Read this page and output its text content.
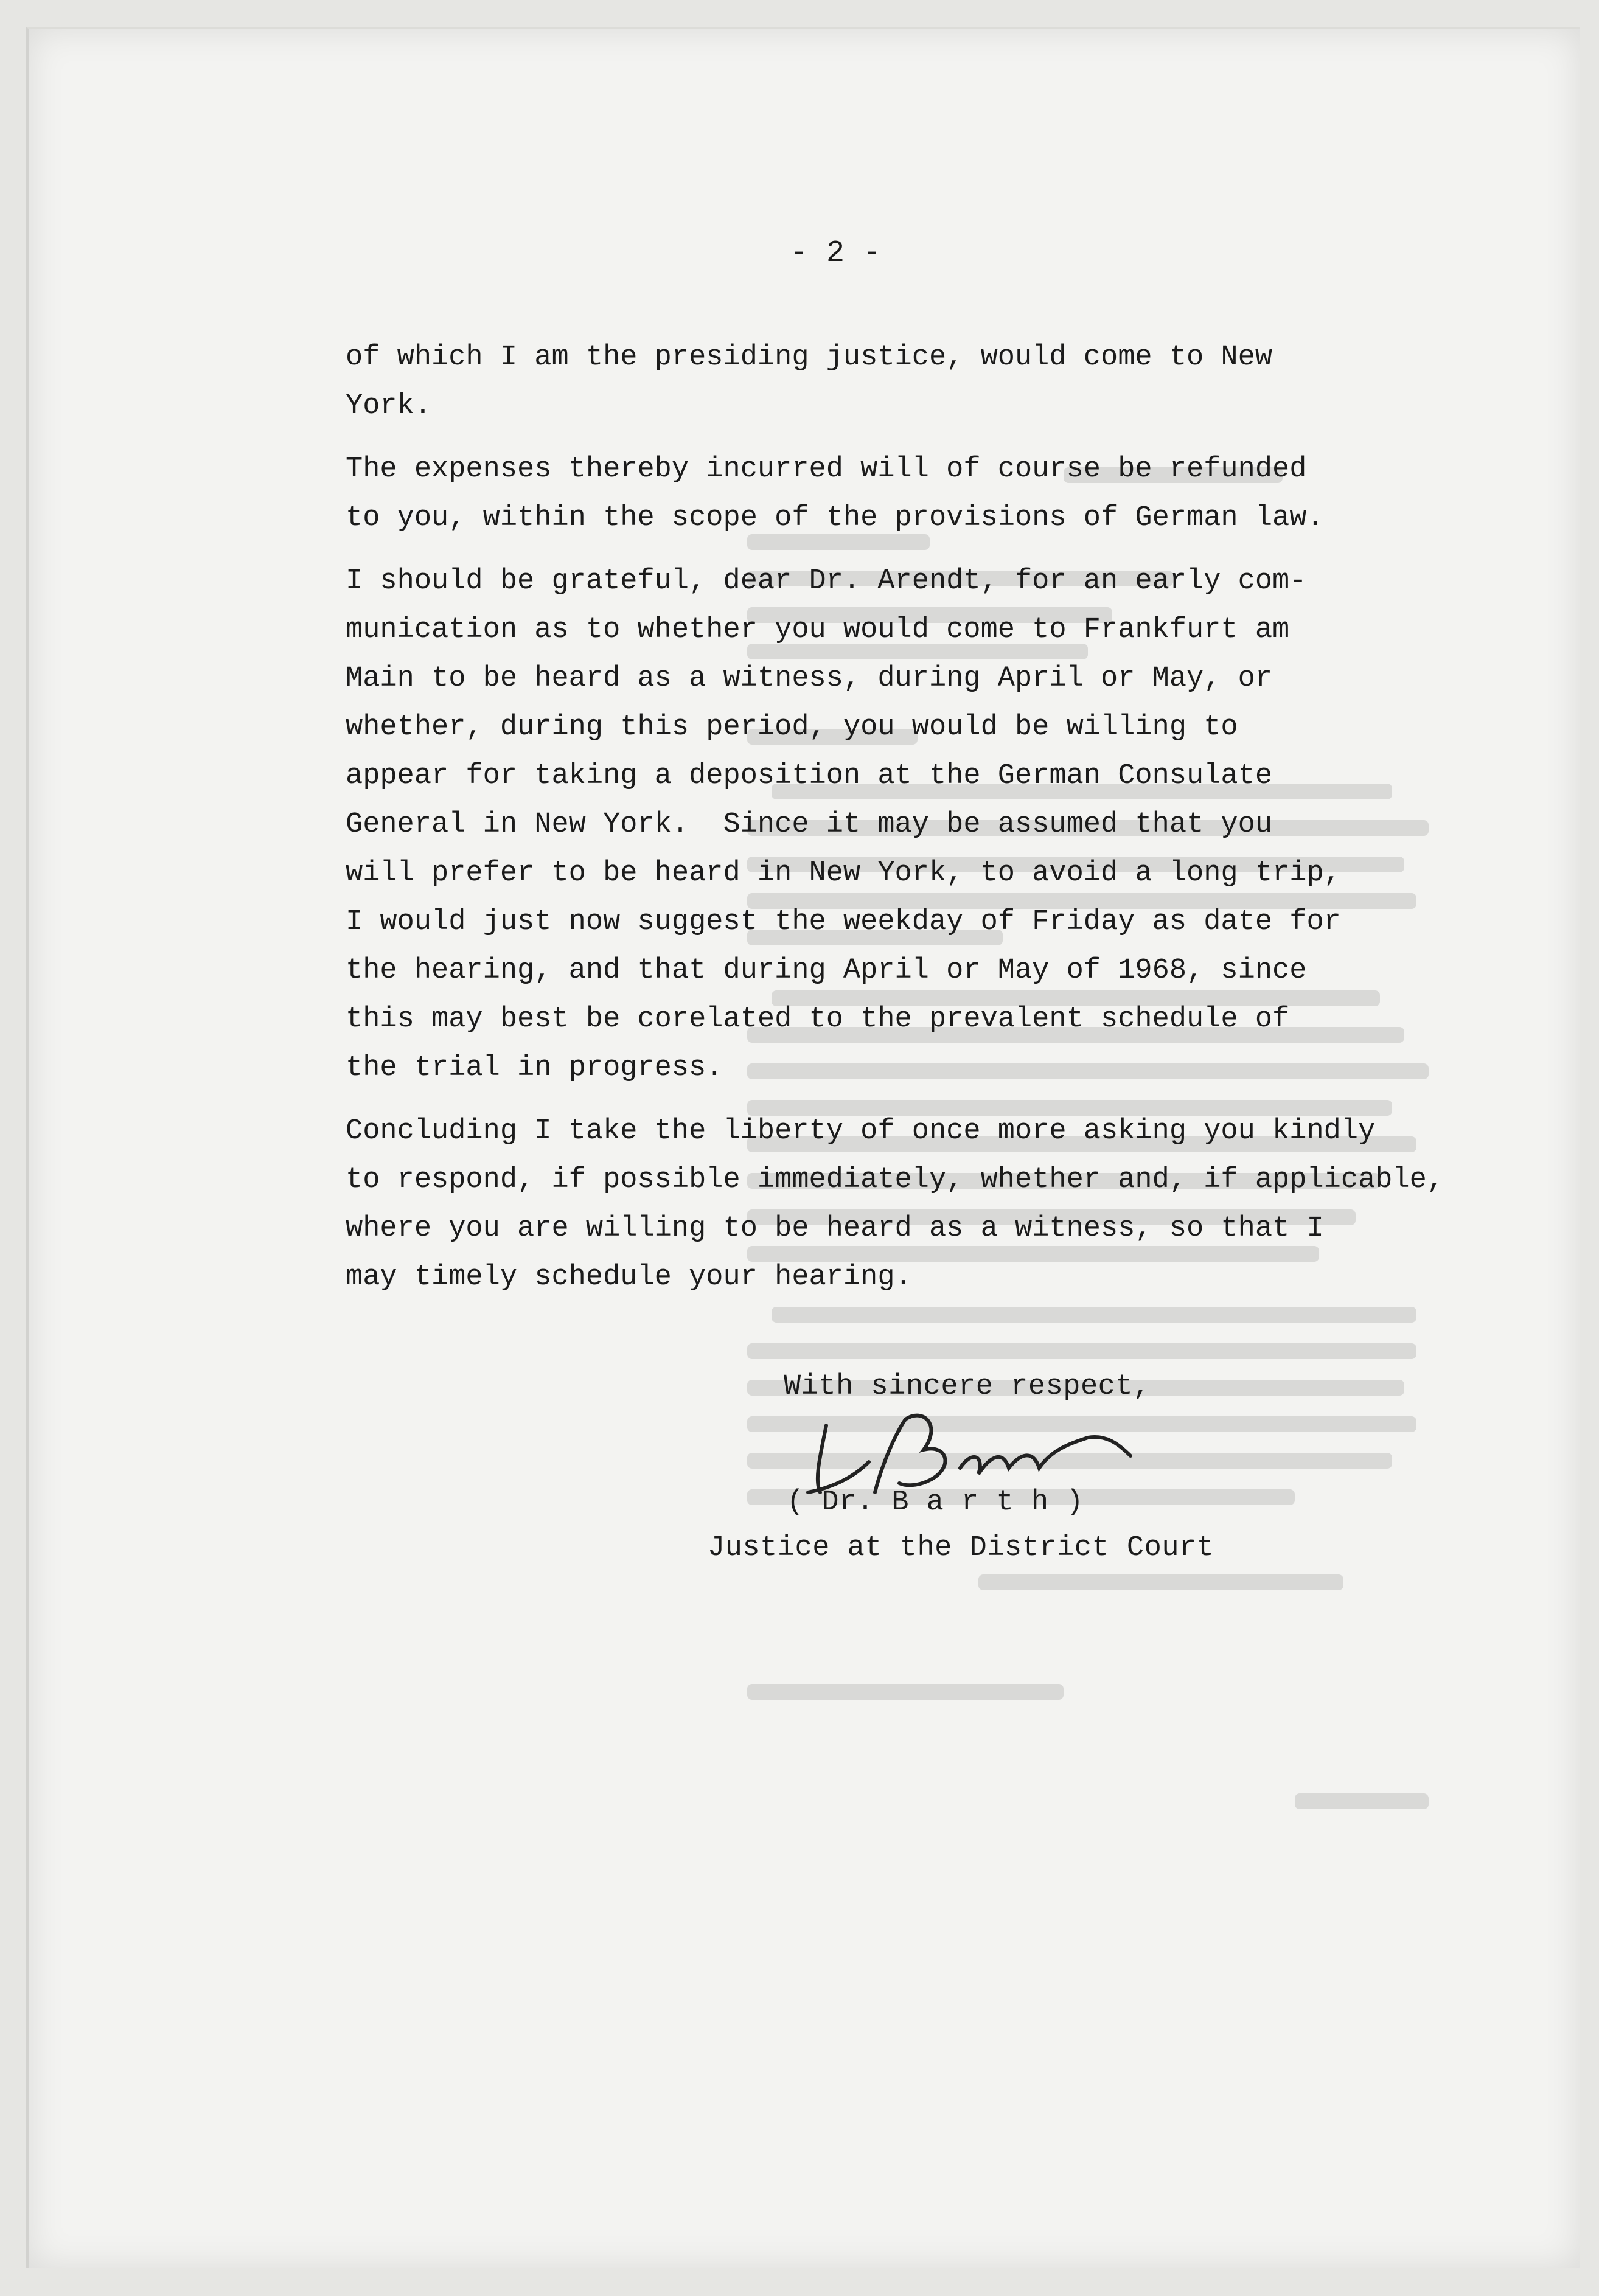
- 2 -
of which I am the presiding justice, would come to New
York.
The expenses thereby incurred will of course be refunded
to you, within the scope of the provisions of German law.
I should be grateful, dear Dr. Arendt, for an early com-
munication as to whether you would come to Frankfurt am
Main to be heard as a witness, during April or May, or
whether, during this period, you would be willing to
appear for taking a deposition at the German Consulate
General in New York.  Since it may be assumed that you
will prefer to be heard in New York, to avoid a long trip,
I would just now suggest the weekday of Friday as date for
the hearing, and that during April or May of 1968, since
this may best be corelated to the prevalent schedule of
the trial in progress.
Concluding I take the liberty of once more asking you kindly
to respond, if possible immediately, whether and, if applicable,
where you are willing to be heard as a witness, so that I
may timely schedule your hearing.
With sincere respect,
( Dr. B a r t h )
Justice at the District Court
